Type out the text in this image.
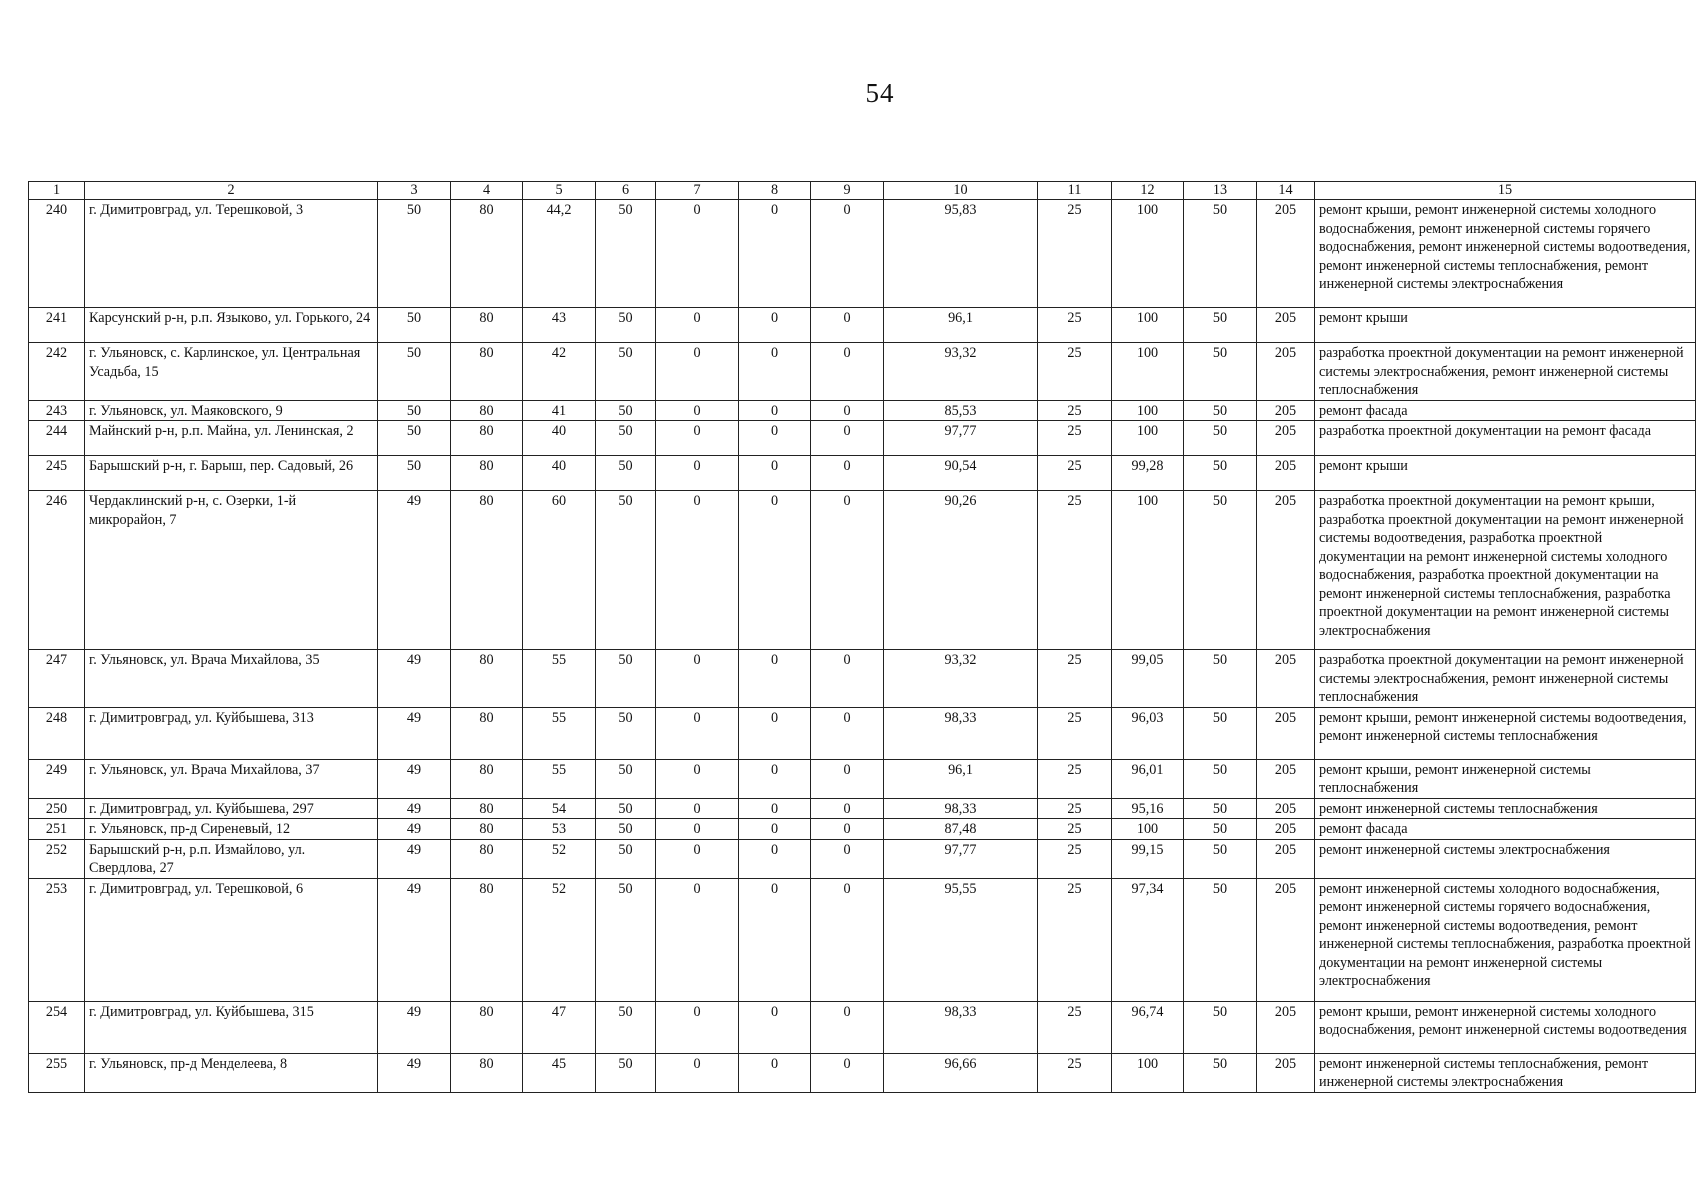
54
1	2	3	4	5	6	7	8	9	10	11	12	13	14	15
240	г. Димитровград, ул. Терешковой, 3	50	80	44,2	50	0	0	0	95,83	25	100	50	205	ремонт крыши, ремонт инженерной системы холодного водоснабжения, ремонт инженерной системы горячего водоснабжения, ремонт инженерной системы водоотведения, ремонт инженерной системы теплоснабжения, ремонт инженерной системы электроснабжения
241	Карсунский р-н, р.п. Языково, ул. Горького, 24	50	80	43	50	0	0	0	96,1	25	100	50	205	ремонт крыши
242	г. Ульяновск, с. Карлинское, ул. Центральная Усадьба, 15	50	80	42	50	0	0	0	93,32	25	100	50	205	разработка проектной документации на ремонт инженерной системы электроснабжения, ремонт инженерной системы теплоснабжения
243	г. Ульяновск, ул. Маяковского, 9	50	80	41	50	0	0	0	85,53	25	100	50	205	ремонт фасада
244	Майнский р-н, р.п. Майна, ул. Ленинская, 2	50	80	40	50	0	0	0	97,77	25	100	50	205	разработка проектной документации на ремонт фасада
245	Барышский р-н, г. Барыш, пер. Садовый, 26	50	80	40	50	0	0	0	90,54	25	99,28	50	205	ремонт крыши
246	Чердаклинский р-н, с. Озерки, 1-й микрорайон, 7	49	80	60	50	0	0	0	90,26	25	100	50	205	разработка проектной документации на ремонт крыши, разработка проектной документации на ремонт инженерной системы водоотведения, разработка проектной документации на ремонт инженерной системы холодного водоснабжения, разработка проектной документации на ремонт инженерной системы теплоснабжения, разработка проектной документации на ремонт инженерной системы электроснабжения
247	г. Ульяновск, ул. Врача Михайлова, 35	49	80	55	50	0	0	0	93,32	25	99,05	50	205	разработка проектной документации на ремонт инженерной системы электроснабжения, ремонт инженерной системы теплоснабжения
248	г. Димитровград, ул. Куйбышева, 313	49	80	55	50	0	0	0	98,33	25	96,03	50	205	ремонт крыши, ремонт инженерной системы водоотведения, ремонт инженерной системы теплоснабжения
249	г. Ульяновск, ул. Врача Михайлова, 37	49	80	55	50	0	0	0	96,1	25	96,01	50	205	ремонт крыши, ремонт инженерной системы теплоснабжения
250	г. Димитровград, ул. Куйбышева, 297	49	80	54	50	0	0	0	98,33	25	95,16	50	205	ремонт инженерной системы теплоснабжения
251	г. Ульяновск, пр-д Сиреневый, 12	49	80	53	50	0	0	0	87,48	25	100	50	205	ремонт фасада
252	Барышский р-н, р.п. Измайлово, ул. Свердлова, 27	49	80	52	50	0	0	0	97,77	25	99,15	50	205	ремонт инженерной системы электроснабжения
253	г. Димитровград, ул. Терешковой, 6	49	80	52	50	0	0	0	95,55	25	97,34	50	205	ремонт инженерной системы холодного водоснабжения, ремонт инженерной системы горячего водоснабжения, ремонт инженерной системы водоотведения, ремонт инженерной системы теплоснабжения, разработка проектной документации на ремонт инженерной системы электроснабжения
254	г. Димитровград, ул. Куйбышева, 315	49	80	47	50	0	0	0	98,33	25	96,74	50	205	ремонт крыши, ремонт инженерной системы холодного водоснабжения, ремонт инженерной системы водоотведения
255	г. Ульяновск, пр-д Менделеева, 8	49	80	45	50	0	0	0	96,66	25	100	50	205	ремонт инженерной системы теплоснабжения, ремонт инженерной системы электроснабжения
